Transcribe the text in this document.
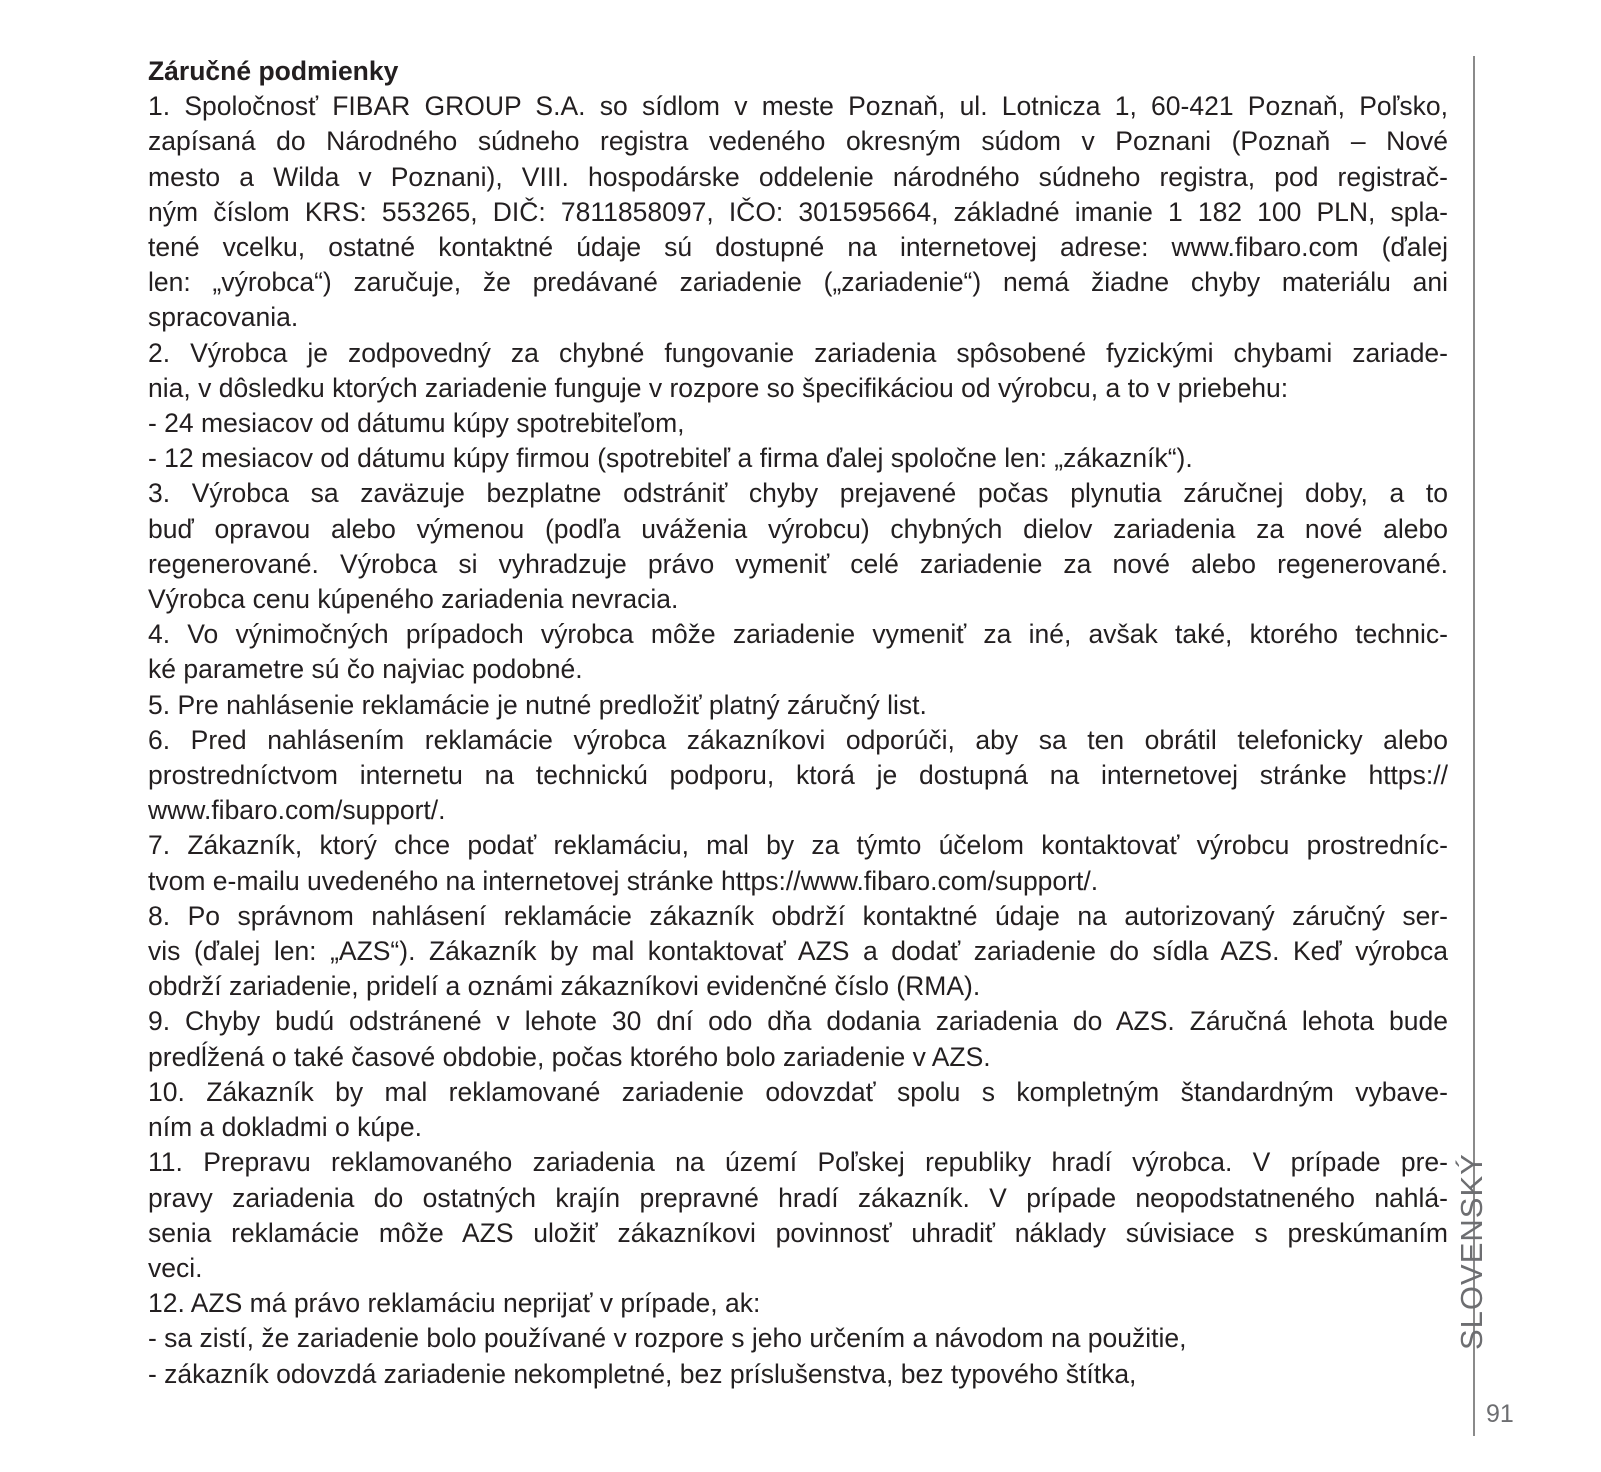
Záručné podmienky
1. Spoločnosť FIBAR GROUP S.A. so sídlom v meste Poznaň, ul. Lotnicza 1, 60-421 Poznaň, Poľsko,
zapísaná do Národného súdneho registra vedeného okresným súdom v Poznani (Poznaň – Nové
mesto a Wilda v Poznani), VIII. hospodárske oddelenie národného súdneho registra, pod registrač-
ným číslom KRS: 553265, DIČ: 7811858097, IČO: 301595664, základné imanie 1 182 100 PLN, spla-
tené vcelku, ostatné kontaktné údaje sú dostupné na internetovej adrese: www.fibaro.com (ďalej
len: „výrobca“) zaručuje, že predávané zariadenie („zariadenie“) nemá žiadne chyby materiálu ani
spracovania.
2. Výrobca je zodpovedný za chybné fungovanie zariadenia spôsobené fyzickými chybami zariade-
nia, v dôsledku ktorých zariadenie funguje v rozpore so špecifikáciou od výrobcu, a to v priebehu:
- 24 mesiacov od dátumu kúpy spotrebiteľom,
- 12 mesiacov od dátumu kúpy firmou (spotrebiteľ a firma ďalej spoločne len: „zákazník“).
3. Výrobca sa zaväzuje bezplatne odstrániť chyby prejavené počas plynutia záručnej doby, a to
buď opravou alebo výmenou (podľa uváženia výrobcu) chybných dielov zariadenia za nové alebo
regenerované. Výrobca si vyhradzuje právo vymeniť celé zariadenie za nové alebo regenerované.
Výrobca cenu kúpeného zariadenia nevracia.
4. Vo výnimočných prípadoch výrobca môže zariadenie vymeniť za iné, avšak také, ktorého technic-
ké parametre sú čo najviac podobné.
5. Pre nahlásenie reklamácie je nutné predložiť platný záručný list.
6. Pred nahlásením reklamácie výrobca zákazníkovi odporúči, aby sa ten obrátil telefonicky alebo
prostredníctvom internetu na technickú podporu, ktorá je dostupná na internetovej stránke https://
www.fibaro.com/support/.
7. Zákazník, ktorý chce podať reklamáciu, mal by za týmto účelom kontaktovať výrobcu prostredníc-
tvom e-mailu uvedeného na internetovej stránke https://www.fibaro.com/support/.
8. Po správnom nahlásení reklamácie zákazník obdrží kontaktné údaje na autorizovaný záručný ser-
vis (ďalej len: „AZS“). Zákazník by mal kontaktovať AZS a dodať zariadenie do sídla AZS. Keď výrobca
obdrží zariadenie, pridelí a oznámi zákazníkovi evidenčné číslo (RMA).
9. Chyby budú odstránené v lehote 30 dní odo dňa dodania zariadenia do AZS. Záručná lehota bude
predĺžená o také časové obdobie, počas ktorého bolo zariadenie v AZS.
10. Zákazník by mal reklamované zariadenie odovzdať spolu s kompletným štandardným vybave-
ním a dokladmi o kúpe.
11. Prepravu reklamovaného zariadenia na území Poľskej republiky hradí výrobca. V prípade pre-
pravy zariadenia do ostatných krajín prepravné hradí zákazník. V prípade neopodstatneného nahlá-
senia reklamácie môže AZS uložiť zákazníkovi povinnosť uhradiť náklady súvisiace s preskúmaním
veci.
12. AZS má právo reklamáciu neprijať v prípade, ak:
- sa zistí, že zariadenie bolo používané v rozpore s jeho určením a návodom na použitie,
- zákazník odovzdá zariadenie nekompletné, bez príslušenstva, bez typového štítka,
SLOVENSKÝ
91
